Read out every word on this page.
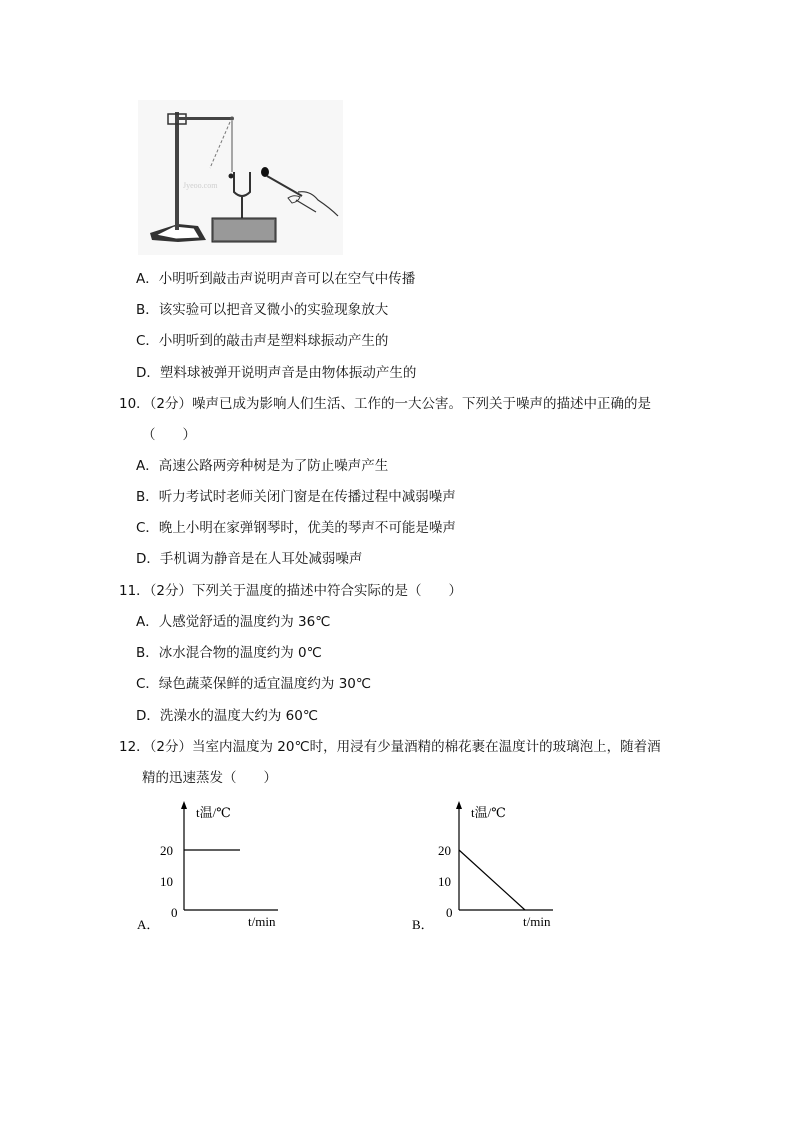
Jyeoo.com
A．小明听到敲击声说明声音可以在空气中传播
B．该实验可以把音叉微小的实验现象放大
C．小明听到的敲击声是塑料球振动产生的
D．塑料球被弹开说明声音是由物体振动产生的
10．（2分）噪声已成为影响人们生活、工作的一大公害。下列关于噪声的描述中正确的是
（　　）
A．高速公路两旁种树是为了防止噪声产生
B．听力考试时老师关闭门窗是在传播过程中减弱噪声
C．晚上小明在家弹钢琴时，优美的琴声不可能是噪声
D．手机调为静音是在人耳处减弱噪声
11．（2分）下列关于温度的描述中符合实际的是（　　）
A．人感觉舒适的温度约为 36℃
B．冰水混合物的温度约为 0℃
C．绿色蔬菜保鲜的适宜温度约为 30℃
D．洗澡水的温度大约为 60℃
12．（2分）当室内温度为 20℃时，用浸有少量酒精的棉花裹在温度计的玻璃泡上，随着酒
精的迅速蒸发（　　）
t温/℃
20
10
0
t/min
A．
t温/℃
20
10
0
t/min
B．
